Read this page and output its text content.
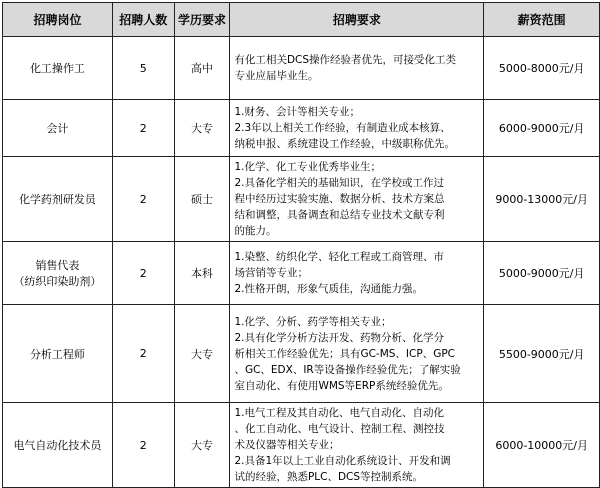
招聘岗位	招聘人数	学历要求	招聘要求	薪资范围

化工操作工	5	高中	有化工相关DCS操作经验者优先，可接受化工类
专业应届毕业生。	5000-8000元/月

会计	2	大专	1.财务、会计等相关专业；
2.3年以上相关工作经验，有制造业成本核算、
纳税申报、系统建设工作经验，中级职称优先。	6000-9000元/月

化学药剂研发员	2	硕士	1.化学、化工专业优秀毕业生；
2.具备化学相关的基础知识，在学校或工作过
程中经历过实验实施、数据分析、技术方案总
结和调整，具备调查和总结专业技术文献专利
的能力。	9000-13000元/月

销售代表
（纺织印染助剂）	2	本科	1.染整、纺织化学、轻化工程或工商管理、市
场营销等专业；
2.性格开朗，形象气质佳，沟通能力强。	5000-9000元/月

分析工程师	2	大专	1.化学、分析、药学等相关专业；
2.具有化学分析方法开发、药物分析、化学分
析相关工作经验优先；具有GC-MS、ICP、GPC
、GC、EDX、IR等设备操作经验优先；了解实验
室自动化、有使用WMS等ERP系统经验优先。	5500-9000元/月

电气自动化技术员	2	大专	1.电气工程及其自动化、电气自动化、自动化
、化工自动化、电气设计、控制工程、测控技
术及仪器等相关专业；
2.具备1年以上工业自动化系统设计、开发和调
试的经验，熟悉PLC、DCS等控制系统。	6000-10000元/月
